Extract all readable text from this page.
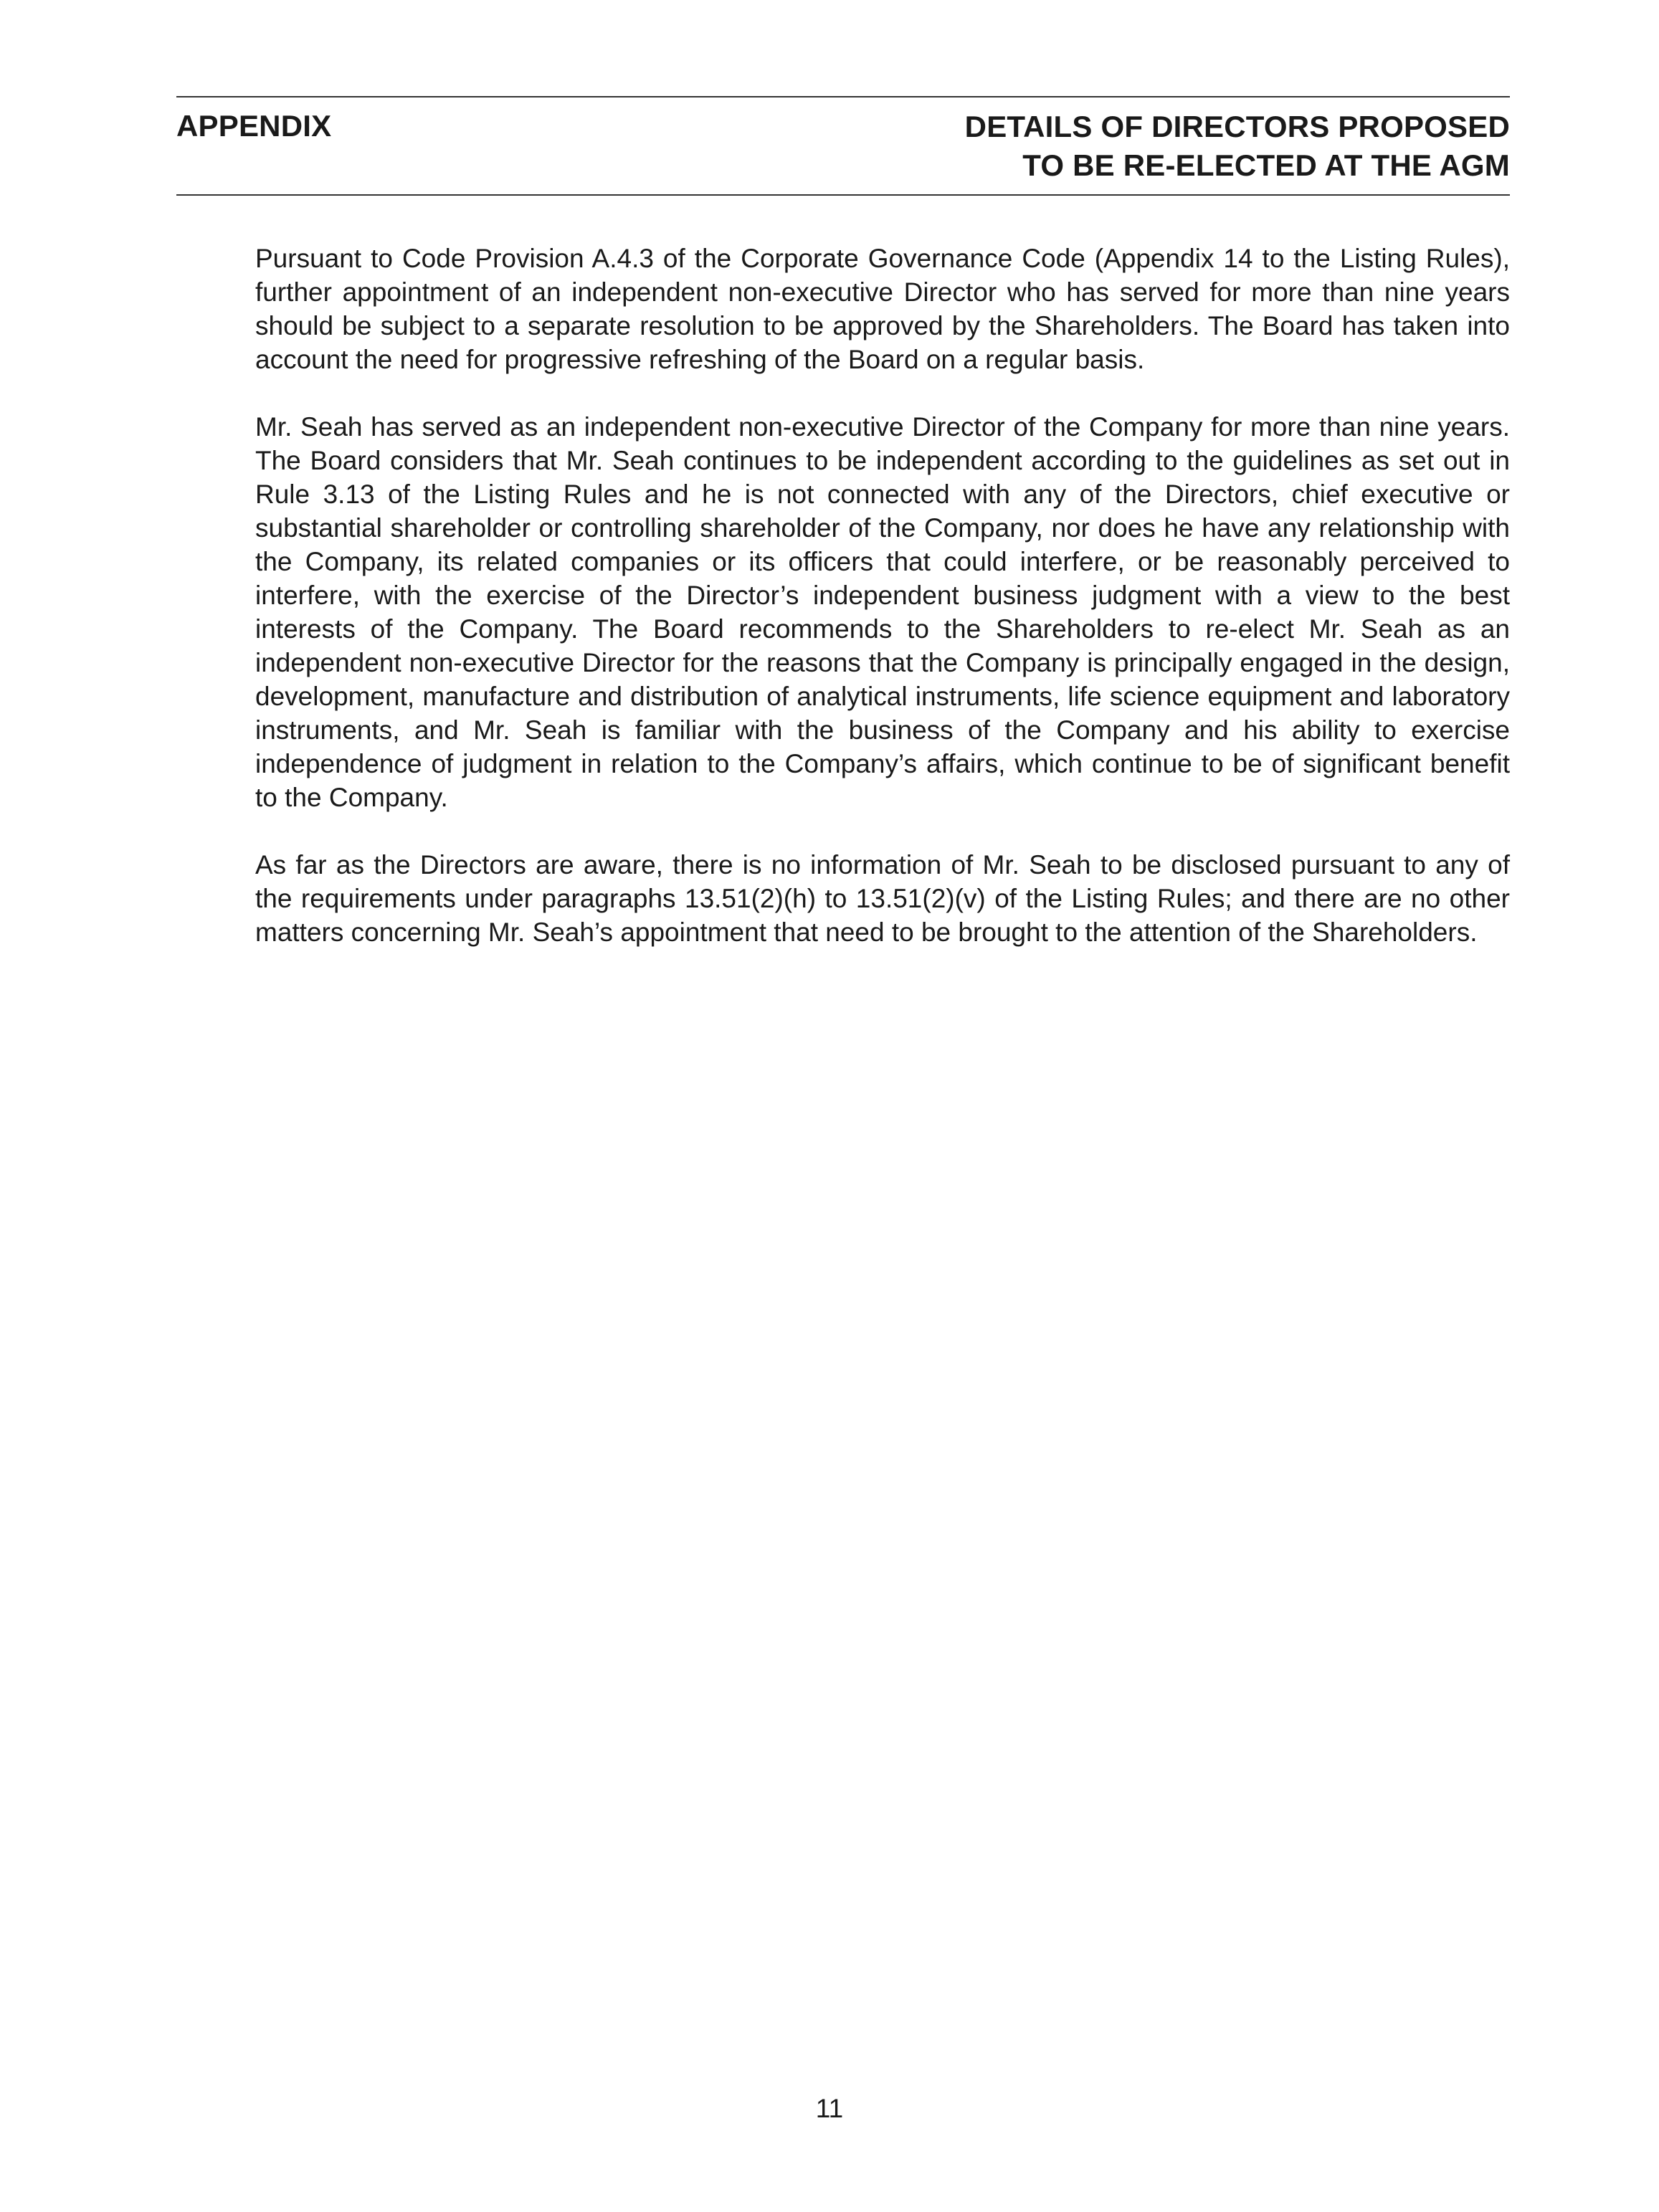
APPENDIX	DETAILS OF DIRECTORS PROPOSED
TO BE RE-ELECTED AT THE AGM

Pursuant to Code Provision A.4.3 of the Corporate Governance Code (Appendix 14 to the Listing Rules), further appointment of an independent non-executive Director who has served for more than nine years should be subject to a separate resolution to be approved by the Shareholders. The Board has taken into account the need for progressive refreshing of the Board on a regular basis.

Mr. Seah has served as an independent non-executive Director of the Company for more than nine years. The Board considers that Mr. Seah continues to be independent according to the guidelines as set out in Rule 3.13 of the Listing Rules and he is not connected with any of the Directors, chief executive or substantial shareholder or controlling shareholder of the Company, nor does he have any relationship with the Company, its related companies or its officers that could interfere, or be reasonably perceived to interfere, with the exercise of the Director’s independent business judgment with a view to the best interests of the Company. The Board recommends to the Shareholders to re-elect Mr. Seah as an independent non-executive Director for the reasons that the Company is principally engaged in the design, development, manufacture and distribution of analytical instruments, life science equipment and laboratory instruments, and Mr. Seah is familiar with the business of the Company and his ability to exercise independence of judgment in relation to the Company’s affairs, which continue to be of significant benefit to the Company.

As far as the Directors are aware, there is no information of Mr. Seah to be disclosed pursuant to any of the requirements under paragraphs 13.51(2)(h) to 13.51(2)(v) of the Listing Rules; and there are no other matters concerning Mr. Seah’s appointment that need to be brought to the attention of the Shareholders.

11
